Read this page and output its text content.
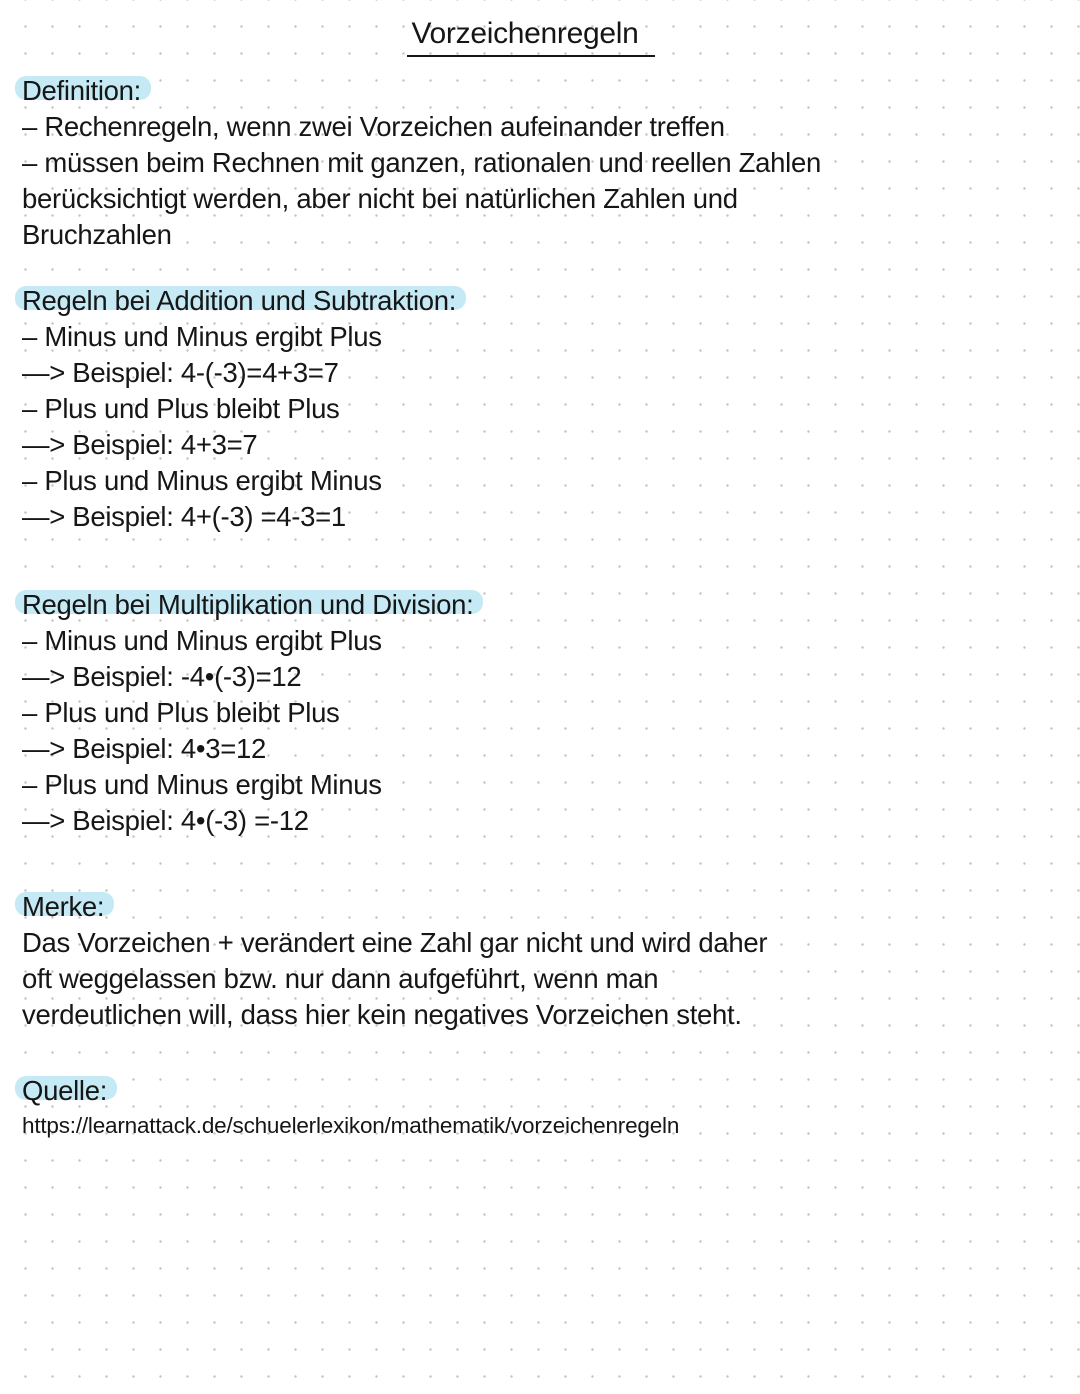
Vorzeichenregeln
Definition:
– Rechenregeln, wenn zwei Vorzeichen aufeinander treffen
– müssen beim Rechnen mit ganzen, rationalen und reellen Zahlen
berücksichtigt werden, aber nicht bei natürlichen Zahlen und
Bruchzahlen
Regeln bei Addition und Subtraktion:
– Minus und Minus ergibt Plus
—> Beispiel: 4-(-3)=4+3=7
– Plus und Plus bleibt Plus
—> Beispiel: 4+3=7
– Plus und Minus ergibt Minus
—> Beispiel: 4+(-3) =4-3=1
Regeln bei Multiplikation und Division:
– Minus und Minus ergibt Plus
—> Beispiel: -4•(-3)=12
– Plus und Plus bleibt Plus
—> Beispiel: 4•3=12
– Plus und Minus ergibt Minus
—> Beispiel: 4•(-3) =-12
Merke:
Das Vorzeichen + verändert eine Zahl gar nicht und wird daher
oft weggelassen bzw. nur dann aufgeführt, wenn man
verdeutlichen will, dass hier kein negatives Vorzeichen steht.
Quelle:
https://learnattack.de/schuelerlexikon/mathematik/vorzeichenregeln
